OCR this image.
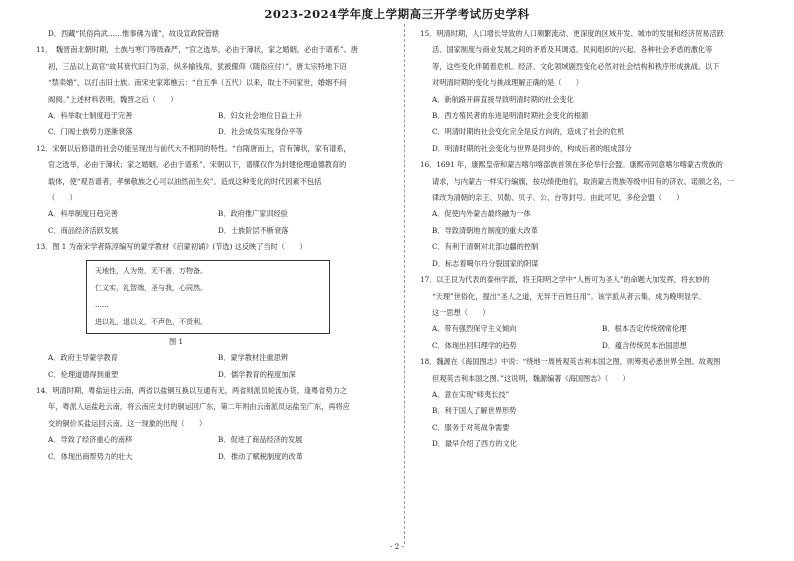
2023-2024学年度上学期高三开学考试历史学科

D．西藏“民俗尚武……惟事佛为谨”，故设宣政院管辖

11．　魏晋南北朝时期，士族与寒门等级森严，“官之选举，必由于簿状，家之婚姻，必由于谱系”。唐

初，三品以上高官“故其衰代旧门为亲，纵多输钱帛，犹被偃仰（随俗应付）”，唐太宗特地下诏

“禁卖婚”，以打击旧士族。南宋史家郑樵云：“自五季（五代）以来，取士不问家世，婚姻不问

阀阅。”上述材料表明，魏晋之后（　　）

A．科举取士制度趋于完善	B．妇女社会地位日益上升

C．门阀士族势力逐渐衰落	D．社会成员实现身份平等

12．宋朝以后修谱的社会功能呈现出与前代大不相同的特性。“自隋唐而上，官有簿状，家有谱系，

官之选举，必由于簿状；家之婚姻，必由于谱系”。宋朝以下，谱牒仅作为封建伦理道德教育的

载体，使“观吾谱者，孝悌敬族之心可以油然而生矣”。造成这种变化的时代因素不包括

（　　）

A．科举制度日趋完善	B．政府推广家训经验

C．商品经济活跃发展	D．士族阶层不断衰落

13．图 1 为南宋学者陈淳编写的蒙学教材《启蒙初诵》(节选) 这反映了当时（　　）

天地性，人为贵，无不善，万物备。
仁义实，礼智端，圣与我，心同然。
……
进以礼，退以义，不声色，不货利。

图 1

A．政府主导蒙学教育	B．蒙学教材注重思辨

C．伦理道德得到重塑	D．儒学教育的程度加深

14．明清时期，粤盐运往云南，两省以盐铜互换以互通有无，两省则派员轮流办货，逢粤省势力之

年，粤派人运盐赴云南，将云南应支付的铜运回广东，第二年则由云南派员运盐至广东，再将应

交的铜价买盐运回云南。这一现象的出现（　　）

A．导致了经济重心的南移	B．促进了商品经济的发展

C．体现出商帮势力的壮大	D．推动了赋税制度的改革

15．明清时期，人口增长导致的人口频繁流动、更深度的区域开发、城市的发展和经济贸易活跃

活、国家制度与商业发展之间的矛盾及其调适、民间组织的兴起、各种社会矛盾的激化等

等，这些变化伴随着危机。经济、文化领域剧烈变化必然对社会结构和秩序形成挑战。以下

对明清时期的变化与挑战理解正确的是（　　）

A．新航路开辟直接导致明清时期的社会变化

B．西方殖民者的东进是明清时期社会变化的根源

C．明清时期的社会变化完全是反方向的，造成了社会的危机

D．明清时期的社会变化与世界是同步的，构成后者的组成部分

16．1691 年，康熙皇帝和蒙古喀尔喀部族首领在多伦举行会盟。康熙帝同意喀尔喀蒙古贵族的

请求，与内蒙古一样实行编旗，按功绩使他们，取消蒙古贵族等级中旧有的济农、诺颜之名，一

律改为清朝的亲王、贝勒、贝子、公、台等封号。由此可见，多伦会盟（　　）

A．促使内外蒙古最终融为一体

B．导致清朝地方制度的重大改革

C．有利于清朝对北部边疆的控制

D．标志着噶尔丹分裂国家的阴谋

17．以王艮为代表的泰州学派，将王阳明之学中“人皆可为圣人”的命题大加发挥，将玄妙的

“天理”世俗化，提出“圣人之道，无异于百姓日用”。该学派从者云集，成为晚明显学。

这一思想（　　）

A．带有强烈保守主义倾向	B．根本否定传统纲常伦理

C．体现出回归理学的趋势	D．蕴含传统民本治国思想

18．魏源在《海国图志》中说：“绕地一周皆观英吉利本国之图，则筹夷必悉世界全图。故观图

但观英吉利本国之图。”这说明，魏源编著《海国图志》（　　）

A．意在实现“师夷长技”

B．利于国人了解世界形势

C．服务于对英战争需要

D．最早介绍了西方的文化

- 2 -
